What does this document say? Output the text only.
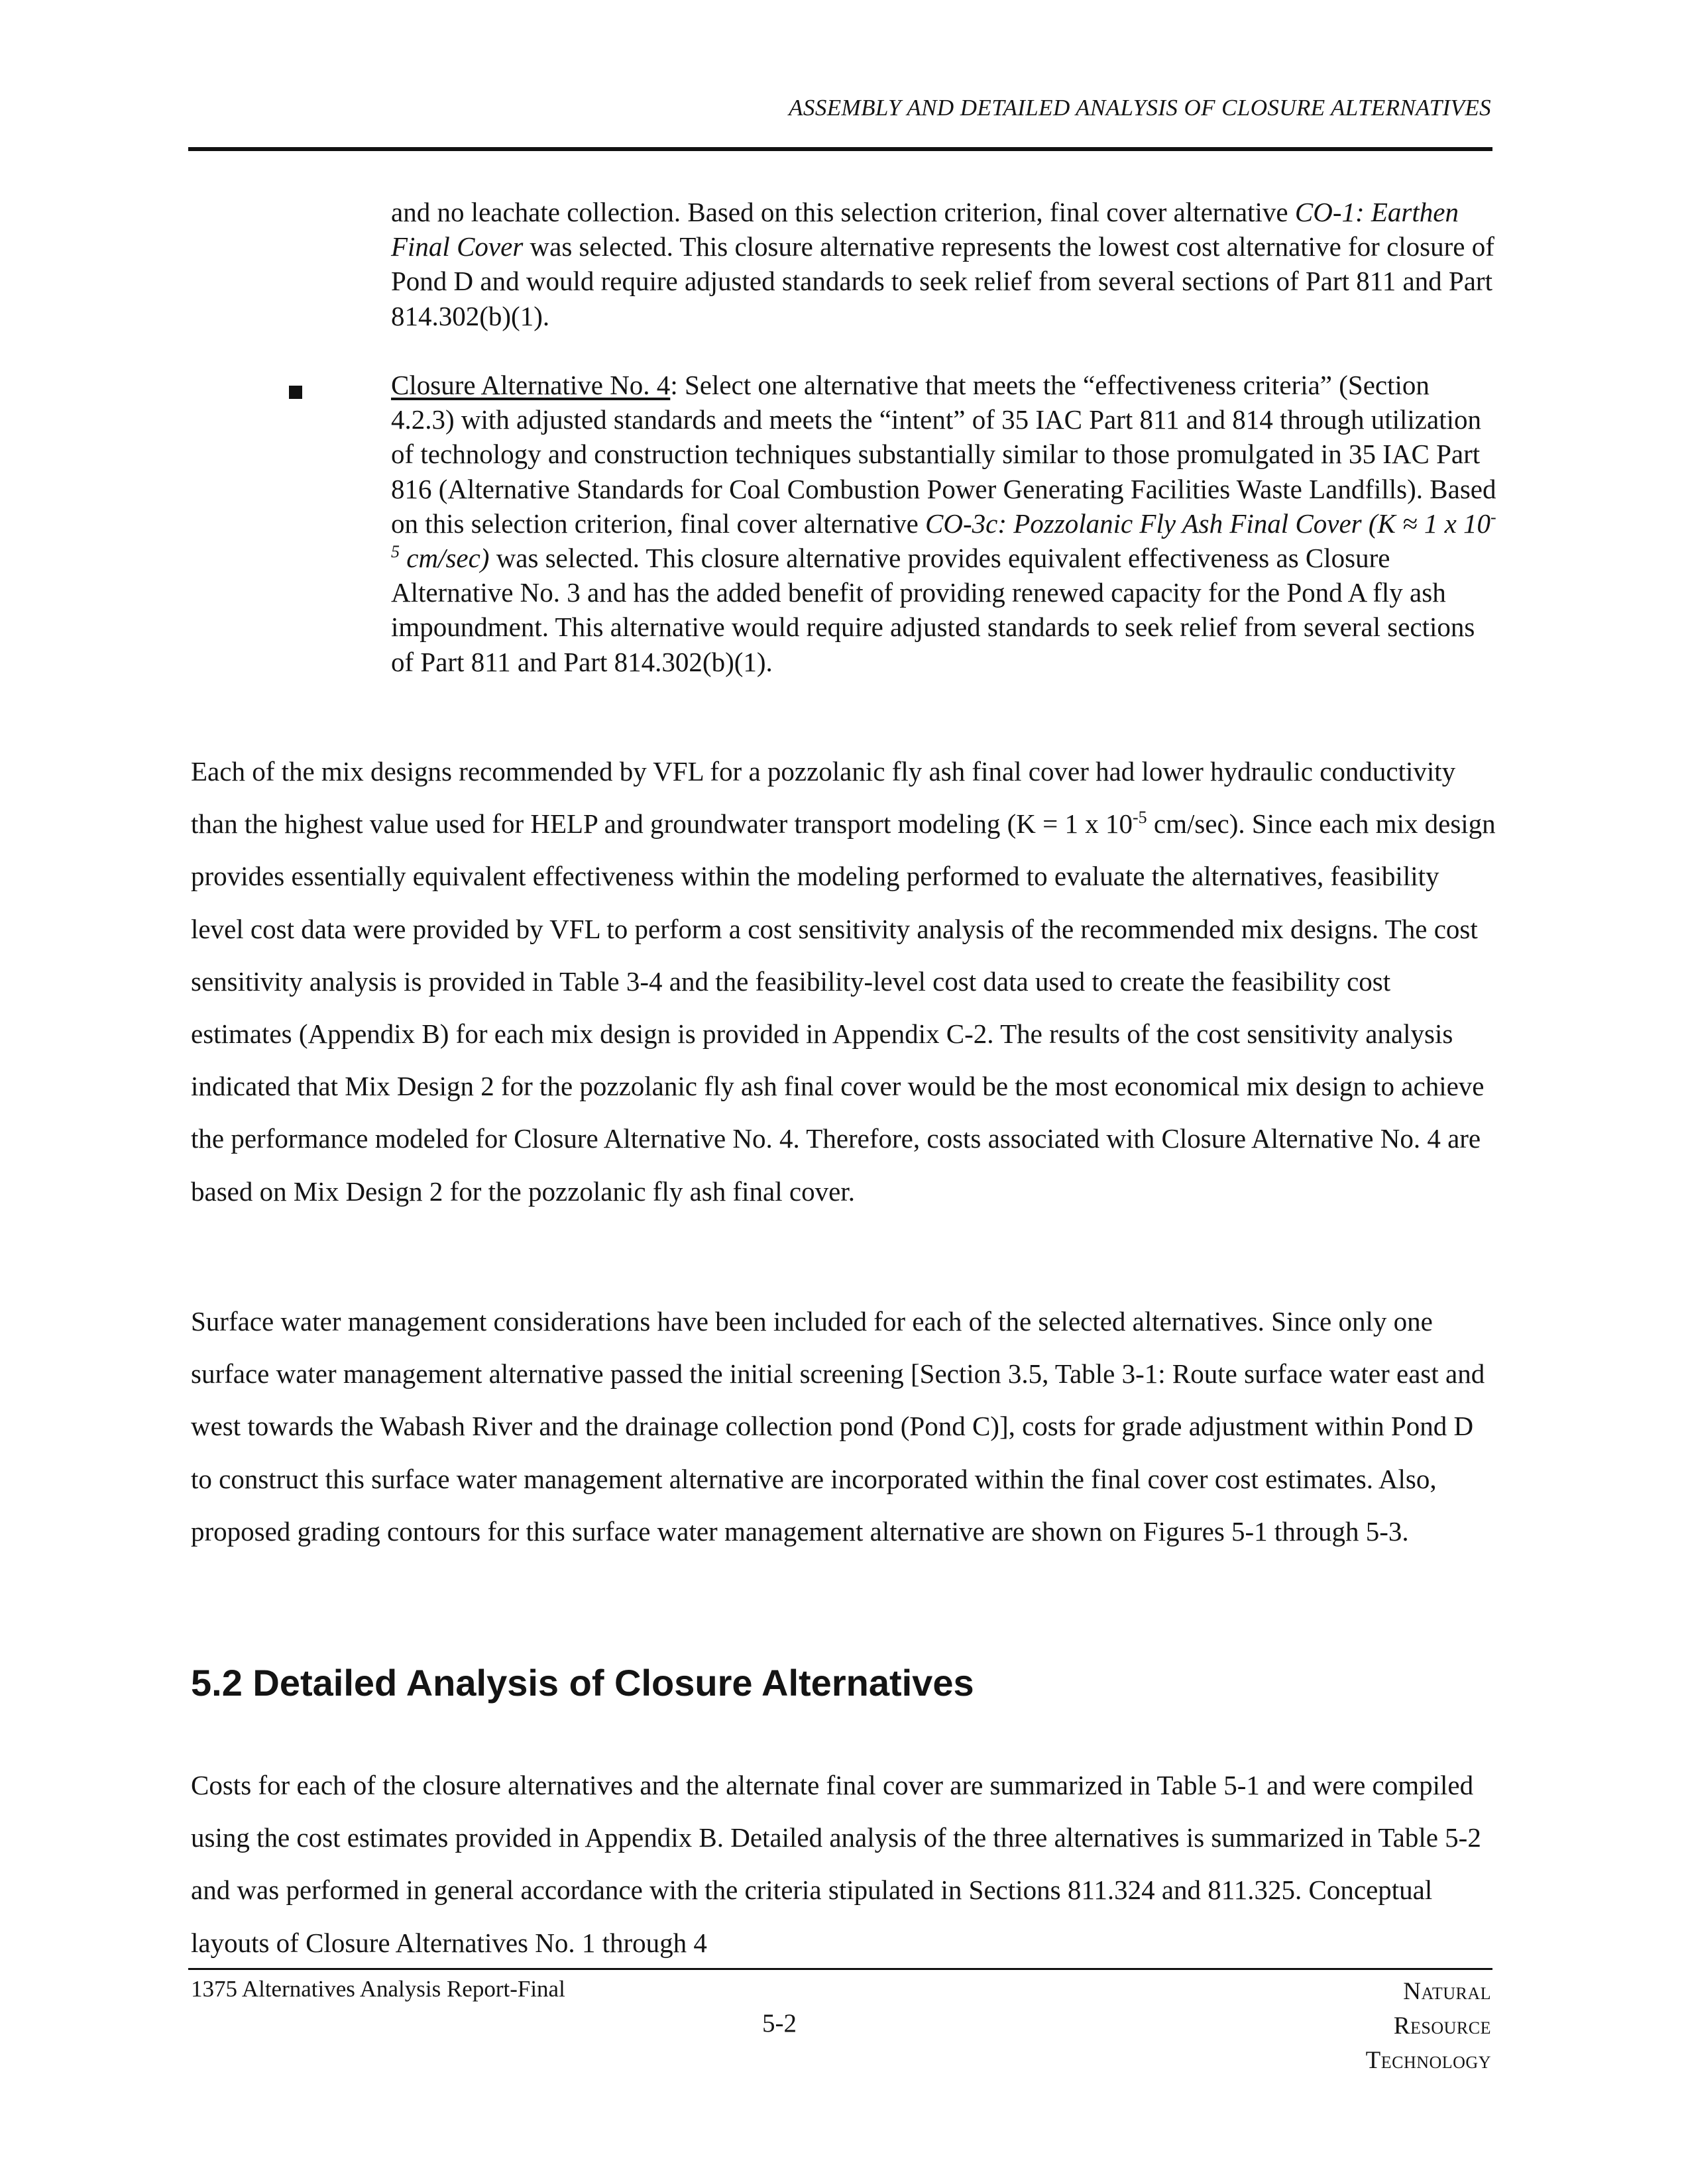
ASSEMBLY AND DETAILED ANALYSIS OF CLOSURE ALTERNATIVES
and no leachate collection. Based on this selection criterion, final cover alternative CO-1: Earthen Final Cover was selected. This closure alternative represents the lowest cost alternative for closure of Pond D and would require adjusted standards to seek relief from several sections of Part 811 and Part 814.302(b)(1).
Closure Alternative No. 4: Select one alternative that meets the “effectiveness criteria” (Section 4.2.3) with adjusted standards and meets the “intent” of 35 IAC Part 811 and 814 through utilization of technology and construction techniques substantially similar to those promulgated in 35 IAC Part 816 (Alternative Standards for Coal Combustion Power Generating Facilities Waste Landfills). Based on this selection criterion, final cover alternative CO-3c: Pozzolanic Fly Ash Final Cover (K ≈ 1 x $10^{-5}$ cm/sec) was selected. This closure alternative provides equivalent effectiveness as Closure Alternative No. 3 and has the added benefit of providing renewed capacity for the Pond A fly ash impoundment. This alternative would require adjusted standards to seek relief from several sections of Part 811 and Part 814.302(b)(1).
Each of the mix designs recommended by VFL for a pozzolanic fly ash final cover had lower hydraulic conductivity than the highest value used for HELP and groundwater transport modeling (K = 1 x $10^{-5}$ cm/sec). Since each mix design provides essentially equivalent effectiveness within the modeling performed to evaluate the alternatives, feasibility level cost data were provided by VFL to perform a cost sensitivity analysis of the recommended mix designs. The cost sensitivity analysis is provided in Table 3-4 and the feasibility-level cost data used to create the feasibility cost estimates (Appendix B) for each mix design is provided in Appendix C-2. The results of the cost sensitivity analysis indicated that Mix Design 2 for the pozzolanic fly ash final cover would be the most economical mix design to achieve the performance modeled for Closure Alternative No. 4. Therefore, costs associated with Closure Alternative No. 4 are based on Mix Design 2 for the pozzolanic fly ash final cover.
Surface water management considerations have been included for each of the selected alternatives. Since only one surface water management alternative passed the initial screening [Section 3.5, Table 3-1: Route surface water east and west towards the Wabash River and the drainage collection pond (Pond C)], costs for grade adjustment within Pond D to construct this surface water management alternative are incorporated within the final cover cost estimates. Also, proposed grading contours for this surface water management alternative are shown on Figures 5-1 through 5-3.
5.2 Detailed Analysis of Closure Alternatives
Costs for each of the closure alternatives and the alternate final cover are summarized in Table 5-1 and were compiled using the cost estimates provided in Appendix B. Detailed analysis of the three alternatives is summarized in Table 5-2 and was performed in general accordance with the criteria stipulated in Sections 811.324 and 811.325. Conceptual layouts of Closure Alternatives No. 1 through 4
1375 Alternatives Analysis Report-Final
5-2
Natural
Resource
Technology
